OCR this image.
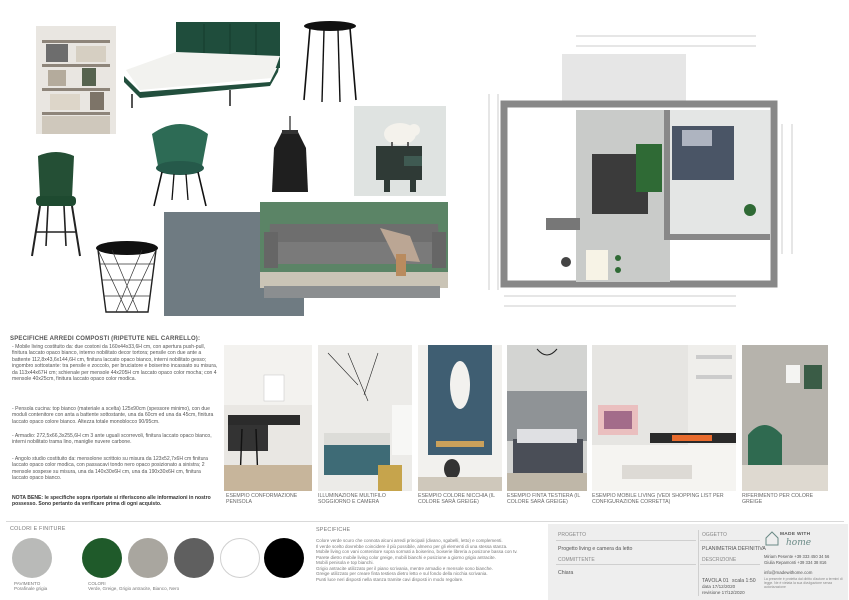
SPECIFICHE ARREDI COMPOSTI (RIPETUTE NEL CARRELLO):
- Mobile living costituito da: due costoni da 160x44x33,6H cm, con apertura push-pull, finitura laccato opaco bianco, interno nobilitato decor tortora; pensile con due ante a battente 112,8x43,6x144,6H cm, finitura laccato opaco bianco, interni nobilitato gesso; ingombro sottostante: tra pensile e zoccolo, per bruciatore e boiserino incassato su misura, da 113x44x67H cm; schienale per mensole 44x205H cm laccato opaco color mocha; con 4 mensole 40x25cm, finitura laccato opaco color modica.
- Pensola cucina: top bianco (materiale a scelta) 125x90cm (spessore minimo), con due moduli contenitore con anta a battente sottostante, una da 60cm ed una da 45cm, finitura laccato opaco colore bianco. Altezza totale monoblocco 90/95cm.
- Armadio: 272,5x66,3x255,6H cm 3 ante uguali scorrevoli, finitura laccato opaco bianco, interni nobilitato trama lino, maniglie nuvere carbone.
- Angolo studio costituito da: mensolone scrittoio su misura da 123x52,7x6H cm finitura laccato opaco color modica, con passacavi tondo nero opaco posizionato a sinistra; 2 mensole sospese su misura, una da 140x30x6H cm, una da 190x30x6H cm, finitura laccato opaco bianco.
NOTA BENE: le specifiche sopra riportate si riferiscono alle informazioni in nostro possesso. Sono pertanto da verificare prima di ogni acquisto.
ESEMPIO CONFORMAZIONE PENISOLA
ILLUMINAZIONE MULTIFILO SOGGIORNO E CAMERA
ESEMPIO COLORE NICCHIA (IL COLORE SARÀ GREIGE)
ESEMPIO FINTA TESTIERA (IL COLORE SARÀ GREIGE)
ESEMPIO MOBILE LIVING (VEDI SHOPPING LIST PER CONFIGURAZIONE CORRETTA)
RIFERIMENTO PER COLORE GREIGE
COLORI E FINITURE
PAVIMENTO
Porafinale grigia
COLORI
Verde, Greige, Grigio antracite, Bianco, Nero
SPECIFICHE
Colore verde scuro che connota alcuni arredi principali (divano, sgabelli, letto) e complementi.
Il verde scelto dovrebbe coincidere il più possibile, almeno per gli elementi di una stessa stanza.
Mobile living con vani contenitore sopra sormati a boiserino, boiserie libreria a posizone bassa con tv.
Parete dietro mobile living color greige, mobili bianchi e posizione a giorno grigio antracite.
Mobili penisola e top bianchi.
Grigio antracite utilizzato per il piano scrivania, mentre armadio e mensole sono bianche.
Greige utilizzato per creare finta testiera dietro letto e sul fondo della nicchia scrivania.
Punti luce neri disposti nella stanza tramite cavi disposti in modo regolare.
PROGETTO
Progetto living e camera da letto
COMMITTENTE
Chiara
OGGETTO
PLANIMETRIA DEFINITIVA
DESCRIZIONE
TAVOLA 01
data 17/12/2020
revisione 17/12/2020
scala 1:50
MADE WITH
home
Miriam Pesente +39 333 450 34 56
Giulia Repamonti +39 334 38 816
info@madewithome.com
La presente è protetta dal diritto d'autore a termini di legge. Ne è vietata la sua divulgazione senza autorizzazione
